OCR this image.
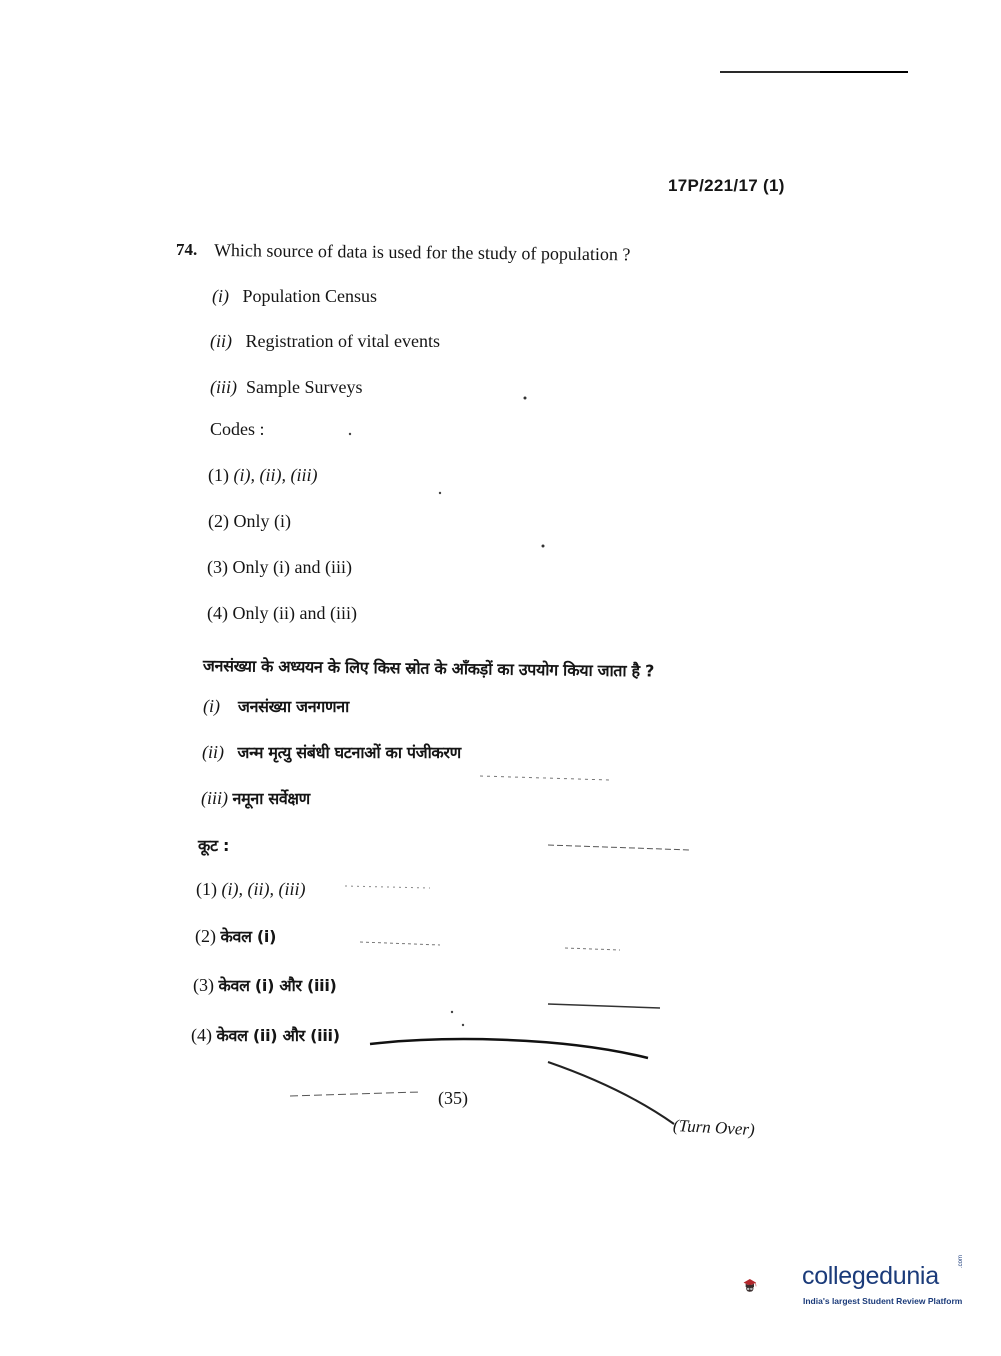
17P/221/17 (1)
74. Which source of data is used for the study of population ?
(i) Population Census
(ii) Registration of vital events
(iii) Sample Surveys
Codes :
(1) (i), (ii), (iii)
(2) Only (i)
(3) Only (i) and (iii)
(4) Only (ii) and (iii)
जनसंख्या के अध्ययन के लिए किस स्रोत के आँकड़ों का उपयोग किया जाता है ?
(i) जनसंख्या जनगणना
(ii) जन्म मृत्यु संबंधी घटनाओं का पंजीकरण
(iii) नमूना सर्वेक्षण
कूट :
(1) (i), (ii), (iii)
(2) केवल (i)
(3) केवल (i) और (iii)
(4) केवल (ii) और (iii)
(35)
(Turn Over)
collegedunia
.com
India's largest Student Review Platform
